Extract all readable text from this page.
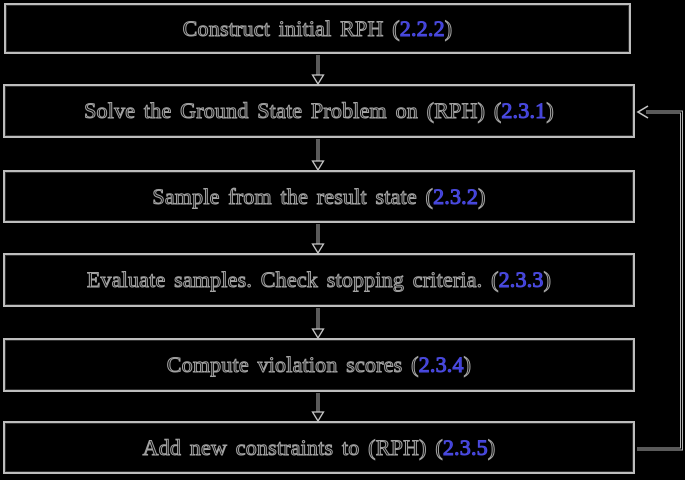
Construct initial RPH (2.2.2)
Solve the Ground State Problem on (RPH) (2.3.1)
Sample from the result state (2.3.2)
Evaluate samples. Check stopping criteria. (2.3.3)
Compute violation scores (2.3.4)
Add new constraints to (RPH) (2.3.5)
